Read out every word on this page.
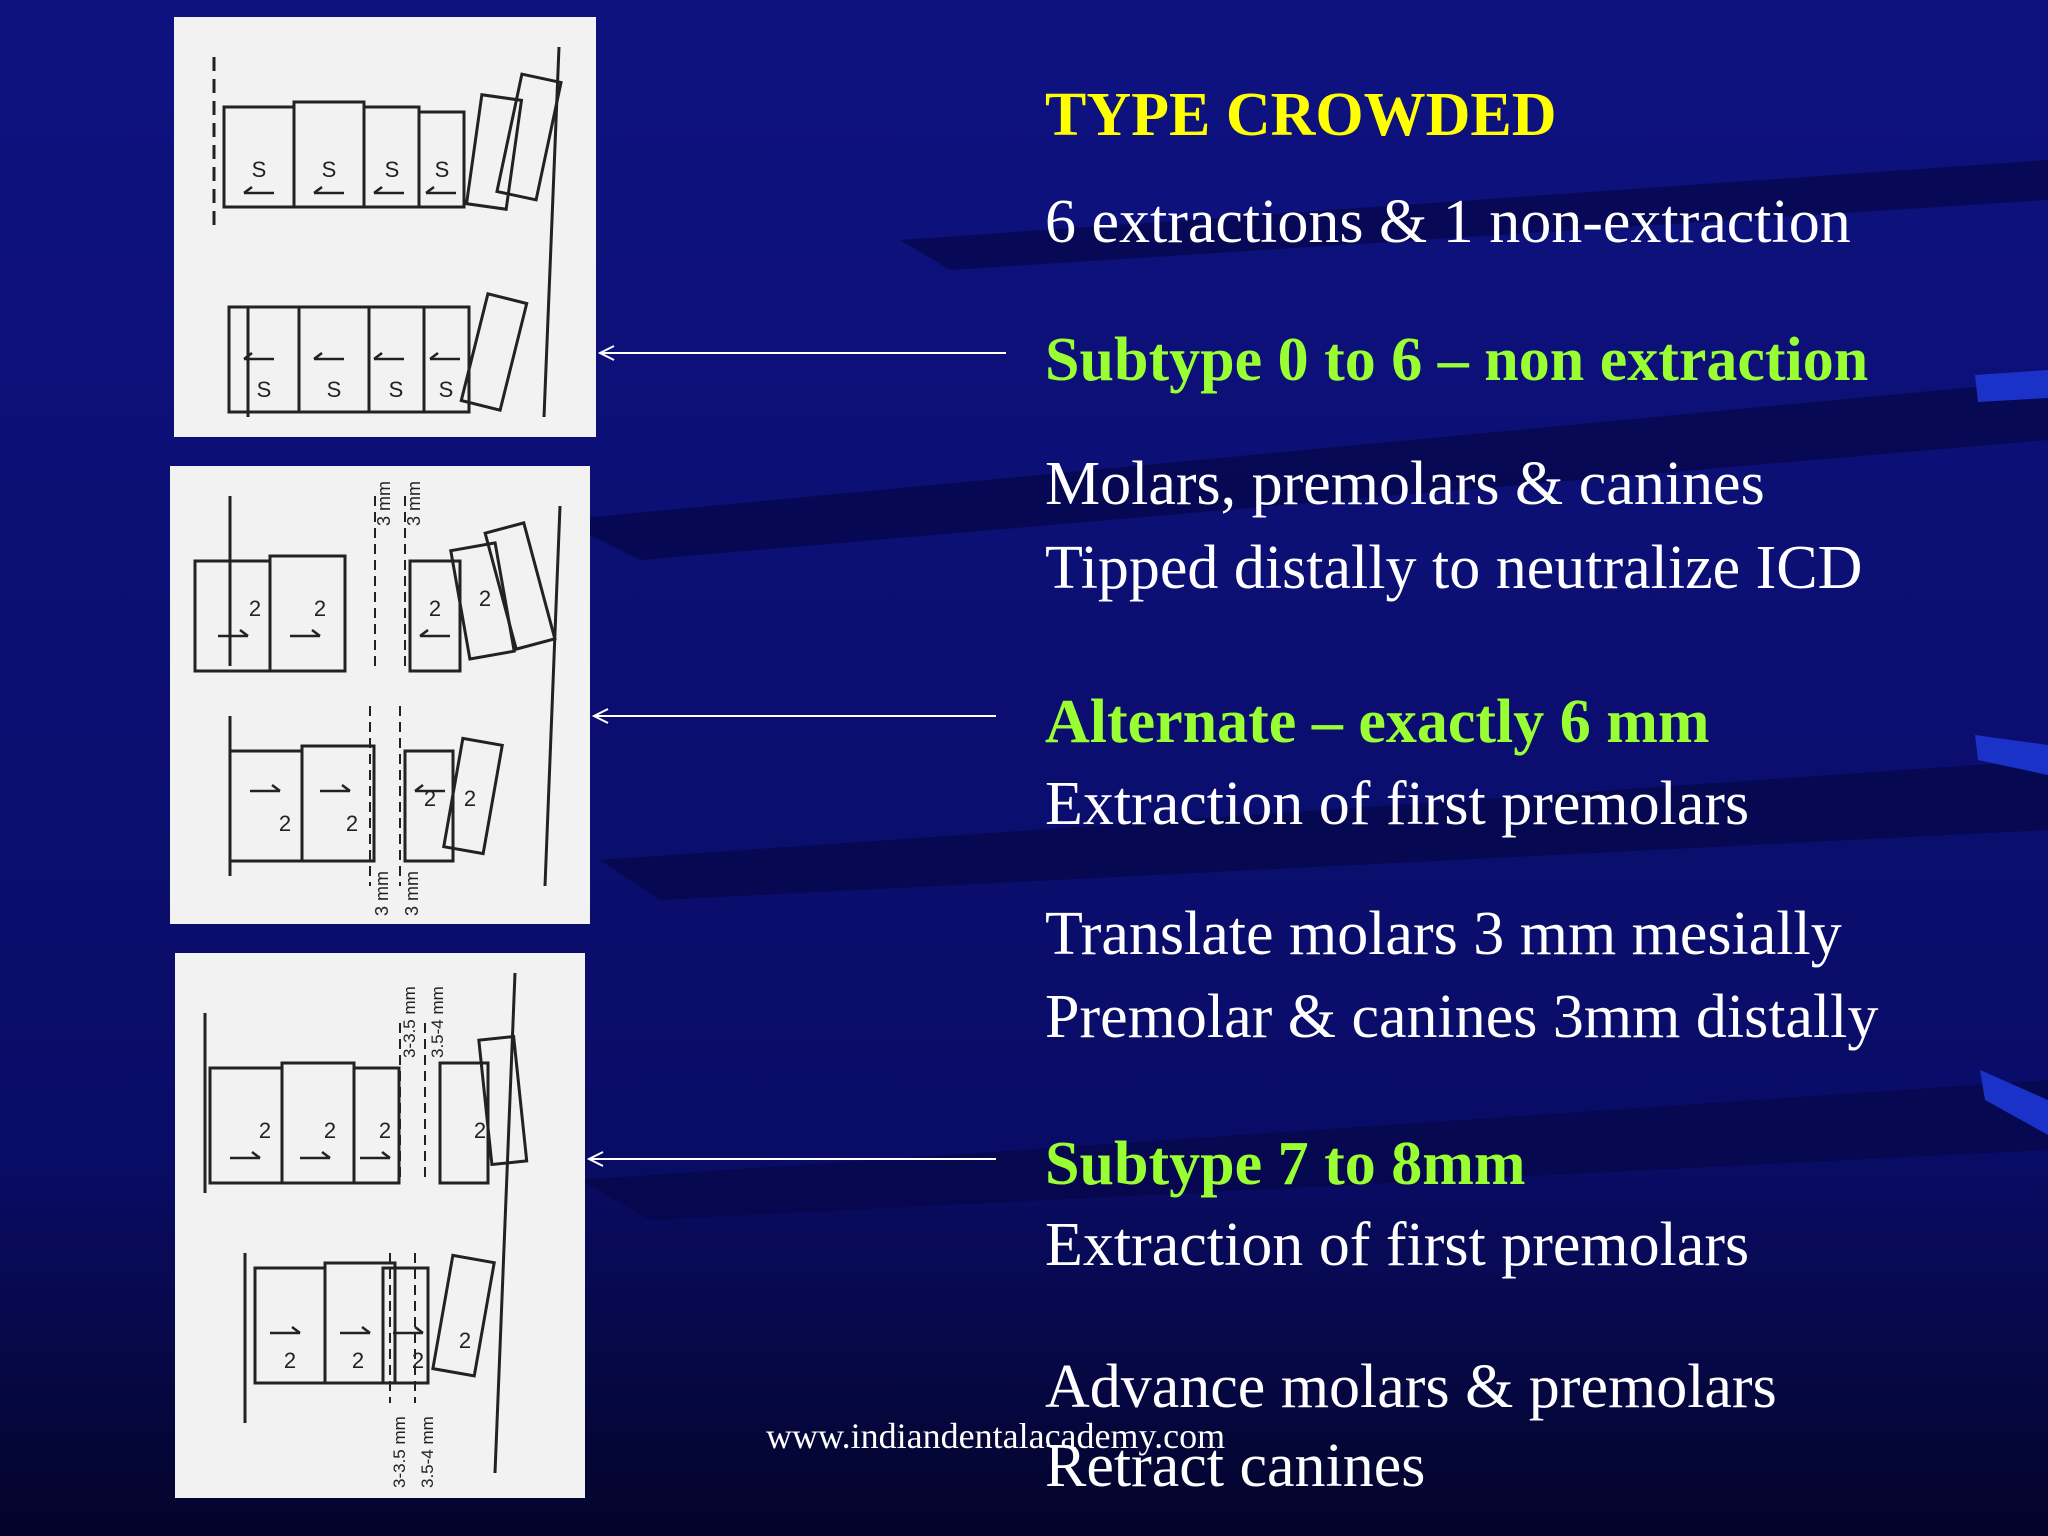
S	S S S
S	S S S
2 2	2 2
2 2
2 2
3 mm 3 mm
3 mm 3 mm
2 2 2	2
2	2 2
2
3-3.5 mm 3.5-4 mm
3-3.5 mm 3.5-4 mm
TYPE CROWDED
6 extractions & 1 non-extraction
Subtype 0 to 6 – non extraction
Molars, premolars & canines
Tipped distally to neutralize ICD
Alternate – exactly 6 mm
Extraction of first premolars
Translate molars 3 mm mesially
Premolar & canines 3mm distally
Subtype 7 to 8mm
Extraction of first premolars
Advance molars & premolars
Retract canines
www.indiandentalacademy.com
